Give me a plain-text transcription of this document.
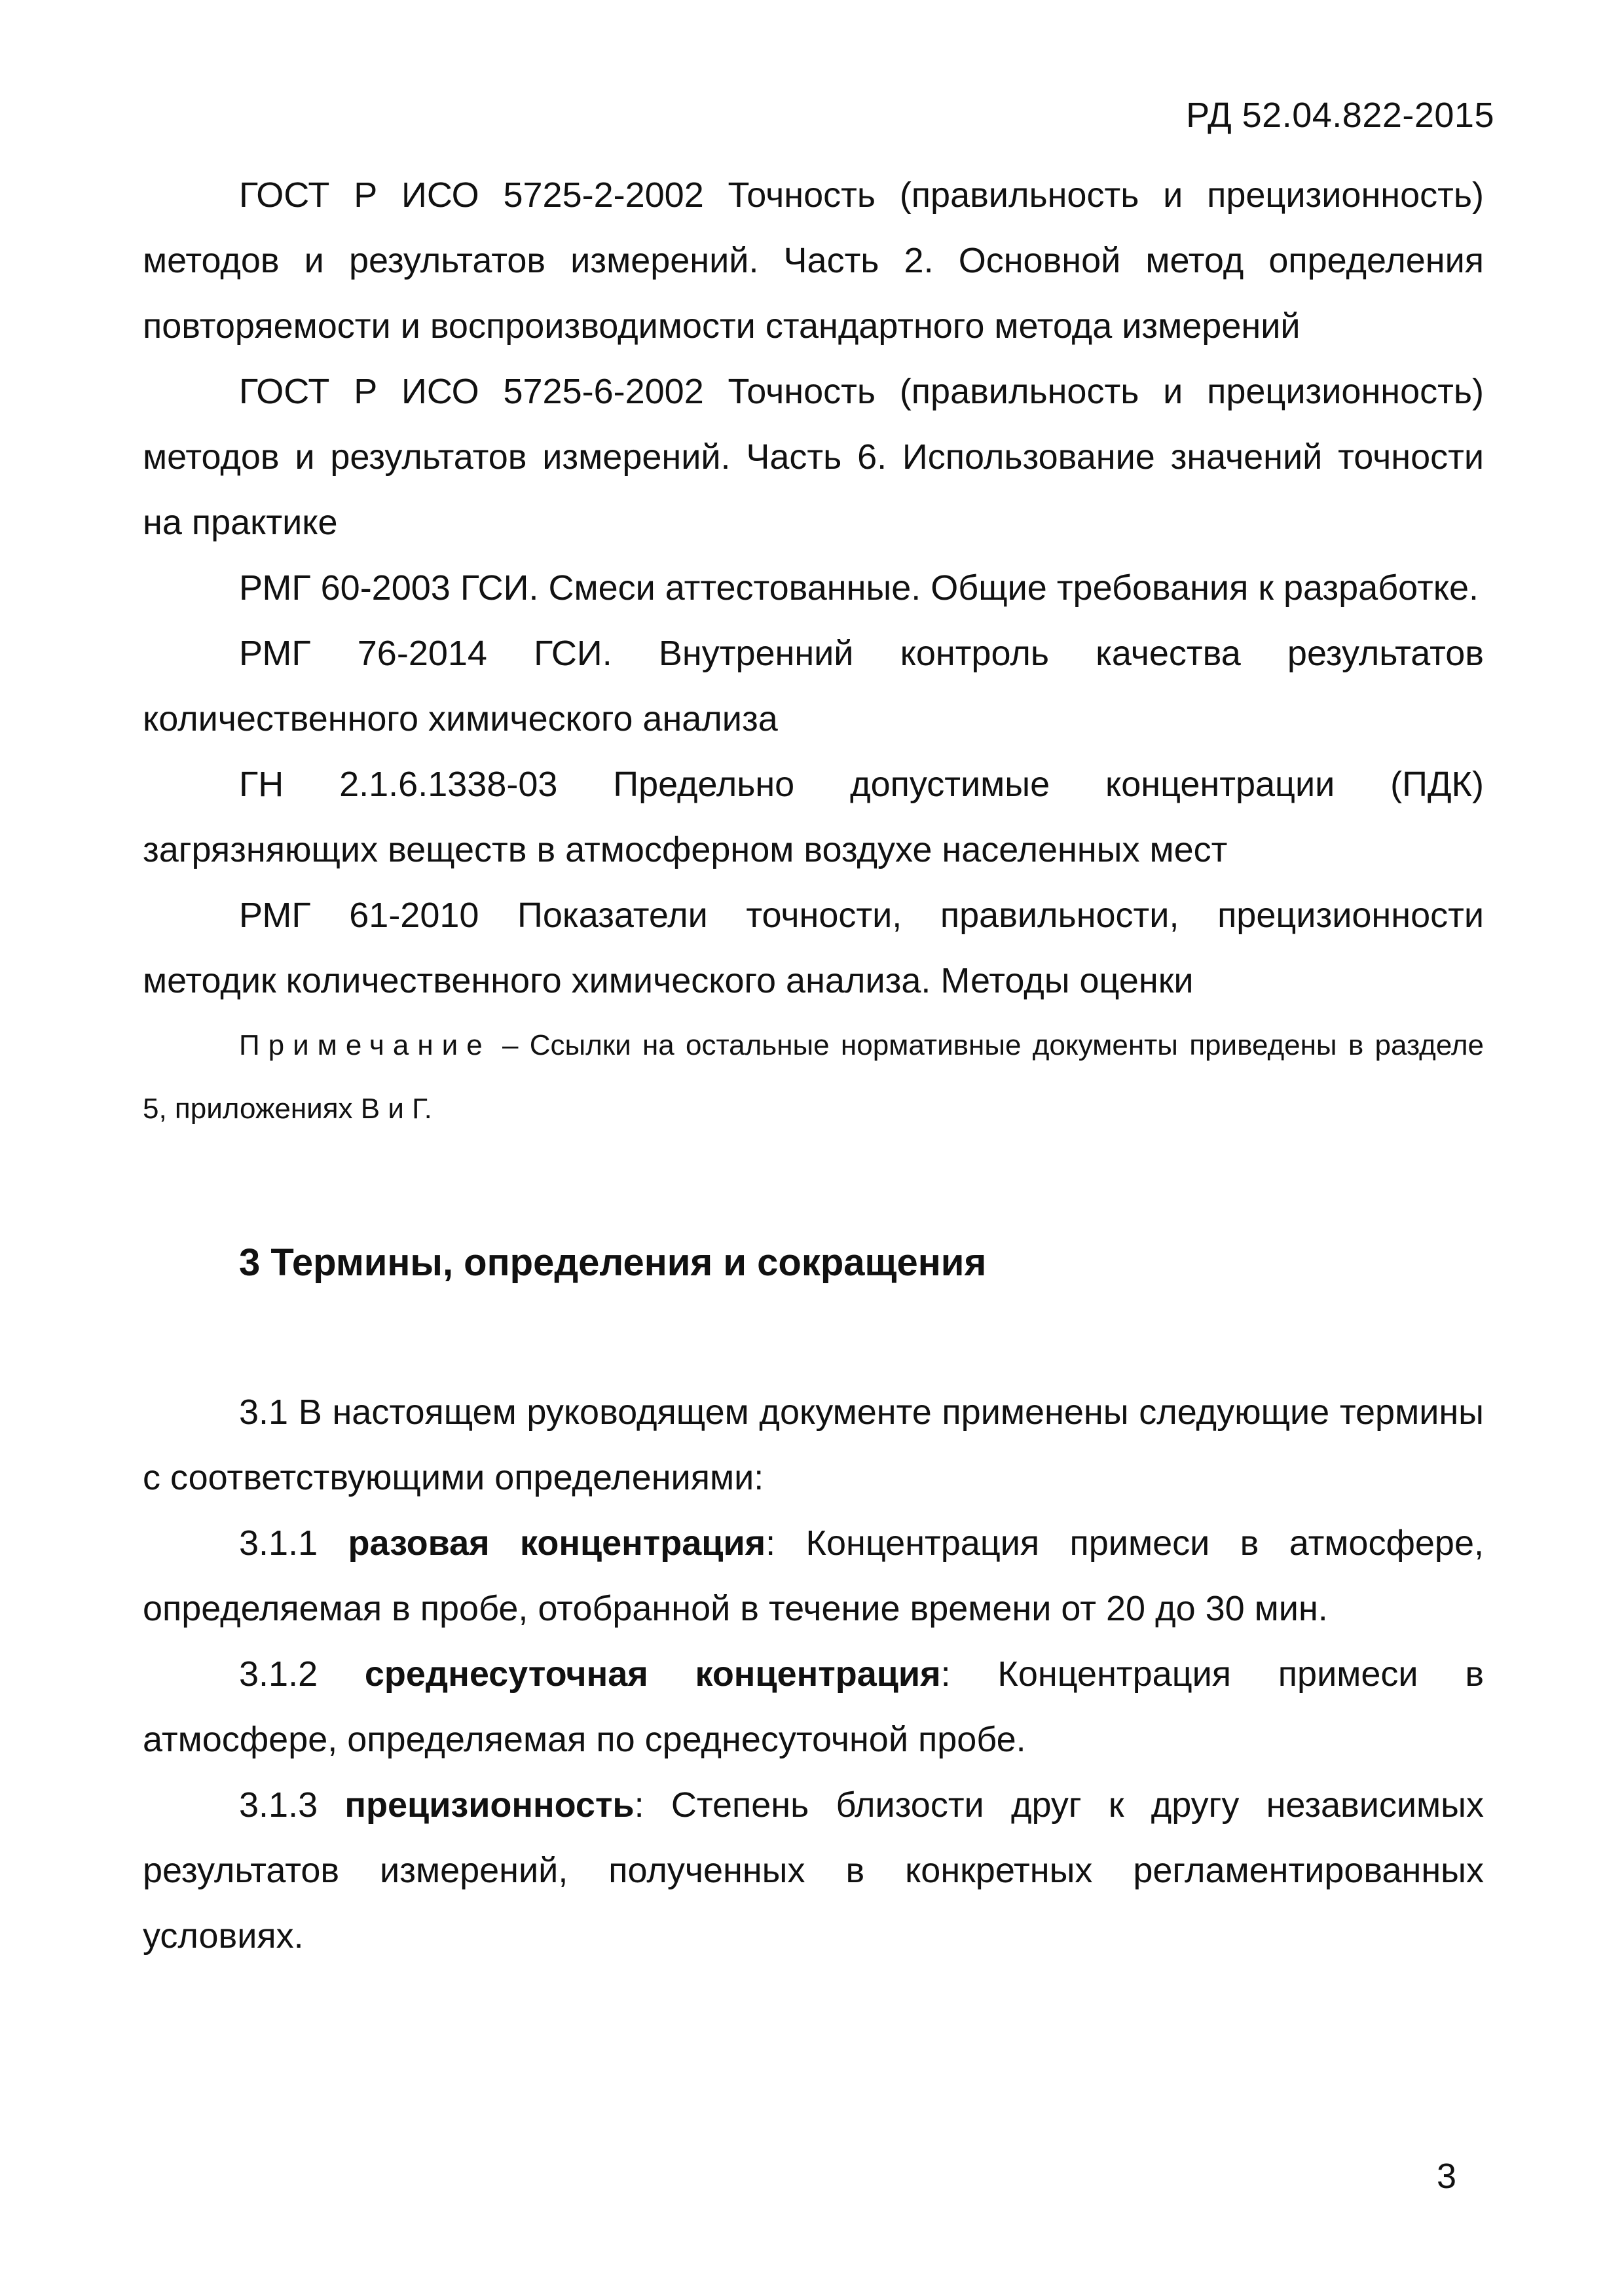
РД 52.04.822-2015

ГОСТ Р ИСО 5725-2-2002 Точность (правильность и прецизионность) методов и результатов измерений. Часть 2. Основной метод определения повторяемости и воспроизводимости стандартного метода измерений

ГОСТ Р ИСО 5725-6-2002 Точность (правильность и прецизионность) методов и результатов измерений. Часть 6. Использование значений точности на практике

РМГ 60-2003 ГСИ. Смеси аттестованные. Общие требования к разработке.

РМГ 76-2014 ГСИ. Внутренний контроль качества результатов количественного химического анализа

ГН 2.1.6.1338-03 Предельно допустимые концентрации (ПДК) загрязняющих веществ в атмосферном воздухе населенных мест

РМГ 61-2010 Показатели точности, правильности, прецизионности методик количественного химического анализа. Методы оценки

Примечание – Ссылки на остальные нормативные документы приведены в разделе 5, приложениях В и Г.

3 Термины, определения и сокращения

3.1 В настоящем руководящем документе применены следующие термины с соответствующими определениями:

3.1.1 разовая концентрация: Концентрация примеси в атмосфере, определяемая в пробе, отобранной в течение времени от 20 до 30 мин.

3.1.2 среднесуточная концентрация: Концентрация примеси в атмосфере, определяемая по среднесуточной пробе.

3.1.3 прецизионность: Степень близости друг к другу независимых результатов измерений, полученных в конкретных регламентированных условиях.

3
